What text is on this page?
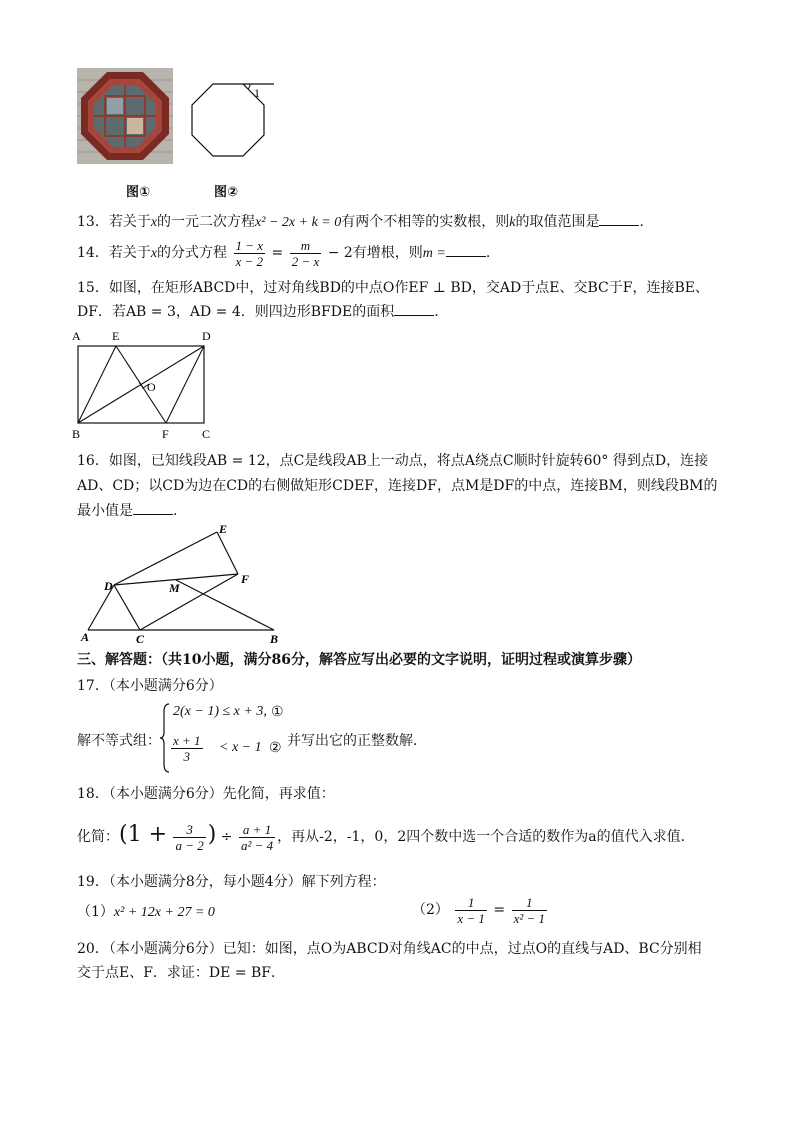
1
图①	图②
13．若关于x的一元二次方程x² − 2x + k = 0有两个不相等的实数根，则k的取值范围是	.
14．若关于x的分式方程 $\frac{1 - x}{x - 2} = \frac{m}{2 - x} - 2$有增根，则m =	.
15．如图，在矩形ABCD中，过对角线BD的中点O作EF ⊥ BD，交AD于点E、交BC于F，连接BE、
DF．若AB = 3，AD = 4．则四边形BFDE的面积	.
A	E	D
O
B	F	C
16．如图，已知线段AB = 12，点C是线段AB上一动点，将点A绕点C顺时针旋转60° 得到点D，连接
AD、CD；以CD为边在CD的右侧做矩形CDEF，连接DF，点M是DF的中点，连接BM，则线段BM的
最小值是	.
E
D	F
M
A	C	B
三、解答题：（共10小题，满分86分，解答应写出必要的文字说明，证明过程或演算步骤）
17．（本小题满分6分）
解不等式组：
2(x − 1) ≤ x + 3, ①
$\frac{x + 1}{3} < x - 1$ ② 并写出它的正整数解．
18．（本小题满分6分）先化简，再求值：
化简：($1 + \frac{3}{a - 2}$ ) ÷ $\frac{a + 1}{\text{a² − 4}}$ ，再从-2，-1，0，2四个数中选一个合适的数作为a的值代入求值．
19．（本小题满分8分，每小题4分）解下列方程：
（1）x² + 12x + 27 = 0	$(2) \frac{1}{x - 1} = \frac{1}{\text{x² − 1}}$
20．（本小题满分6分）已知：如图，点O为ABCD对角线AC的中点，过点O的直线与AD、BC分别相
交于点E、F．求证：DE = BF．
